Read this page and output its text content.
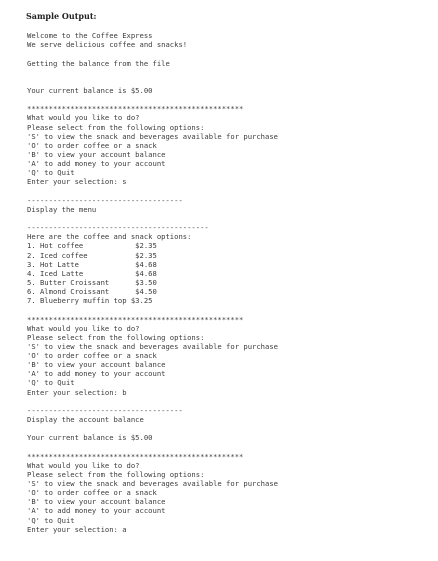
Sample Output:
Welcome to the Coffee Express
We serve delicious coffee and snacks!
Getting the balance from the file
Your current balance is $5.00
**************************************************
What would you like to do?
Please select from the following options:
'S' to view the snack and beverages available for purchase
'O' to order coffee or a snack
'B' to view your account balance
'A' to add money to your account
'Q' to Quit
Enter your selection: s
------------------------------------
Display the menu
------------------------------------------
Here are the coffee and snack options:
1. Hot coffee            $2.35
2. Iced coffee           $2.35
3. Hot Latte             $4.68
4. Iced Latte            $4.68
5. Butter Croissant      $3.50
6. Almond Croissant      $4.50
7. Blueberry muffin top $3.25
**************************************************
What would you like to do?
Please select from the following options:
'S' to view the snack and beverages available for purchase
'O' to order coffee or a snack
'B' to view your account balance
'A' to add money to your account
'Q' to Quit
Enter your selection: b
------------------------------------
Display the account balance
Your current balance is $5.00
**************************************************
What would you like to do?
Please select from the following options:
'S' to view the snack and beverages available for purchase
'O' to order coffee or a snack
'B' to view your account balance
'A' to add money to your account
'Q' to Quit
Enter your selection: a
